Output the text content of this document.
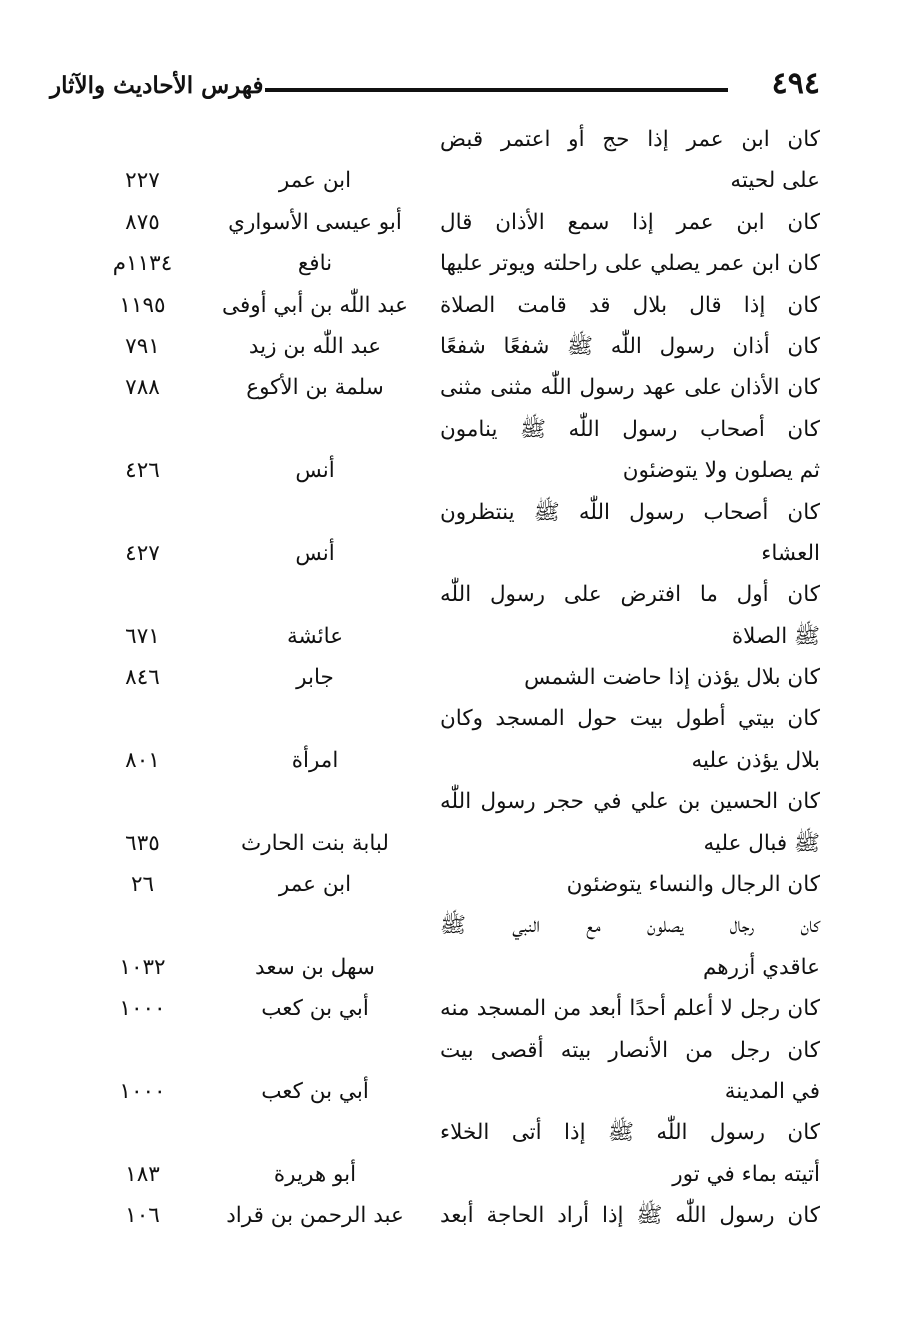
٤٩٤
فهرس الأحاديث والآثار
كان ابن عمر إذا حج أو اعتمر قبض
على لحيته
ابن عمر
٢٢٧
كان ابن عمر إذا سمع الأذان قال
أبو عيسى الأسواري
٨٧٥
كان ابن عمر يصلي على راحلته ويوتر عليها
نافع
١١٣٤م
كان إذا قال بلال قد قامت الصلاة
عبد اللّٰه بن أبي أوفى
١١٩٥
كان أذان رسول اللّٰه ﷺ شفعًا شفعًا
عبد اللّٰه بن زيد
٧٩١
كان الأذان على عهد رسول اللّٰه مثنى مثنى
سلمة بن الأكوع
٧٨٨
كان أصحاب رسول اللّٰه ﷺ ينامون
ثم يصلون ولا يتوضئون
أنس
٤٢٦
كان أصحاب رسول اللّٰه ﷺ ينتظرون
العشاء
أنس
٤٢٧
كان أول ما افترض على رسول اللّٰه
ﷺ الصلاة
عائشة
٦٧١
كان بلال يؤذن إذا حاضت الشمس
جابر
٨٤٦
كان بيتي أطول بيت حول المسجد وكان
بلال يؤذن عليه
امرأة
٨٠١
كان الحسين بن علي في حجر رسول اللّٰه
ﷺ فبال عليه
لبابة بنت الحارث
٦٣٥
كان الرجال والنساء يتوضئون
ابن عمر
٢٦
كان رجال يصلون مع النبي ﷺ
عاقدي أزرهم
سهل بن سعد
١٠٣٢
كان رجل لا أعلم أحدًا أبعد من المسجد منه
أبي بن كعب
١٠٠٠
كان رجل من الأنصار بيته أقصى بيت
في المدينة
أبي بن كعب
١٠٠٠
كان رسول اللّٰه ﷺ إذا أتى الخلاء
أتيته بماء في تور
أبو هريرة
١٨٣
كان رسول اللّٰه ﷺ إذا أراد الحاجة أبعد
عبد الرحمن بن قراد
١٠٦
